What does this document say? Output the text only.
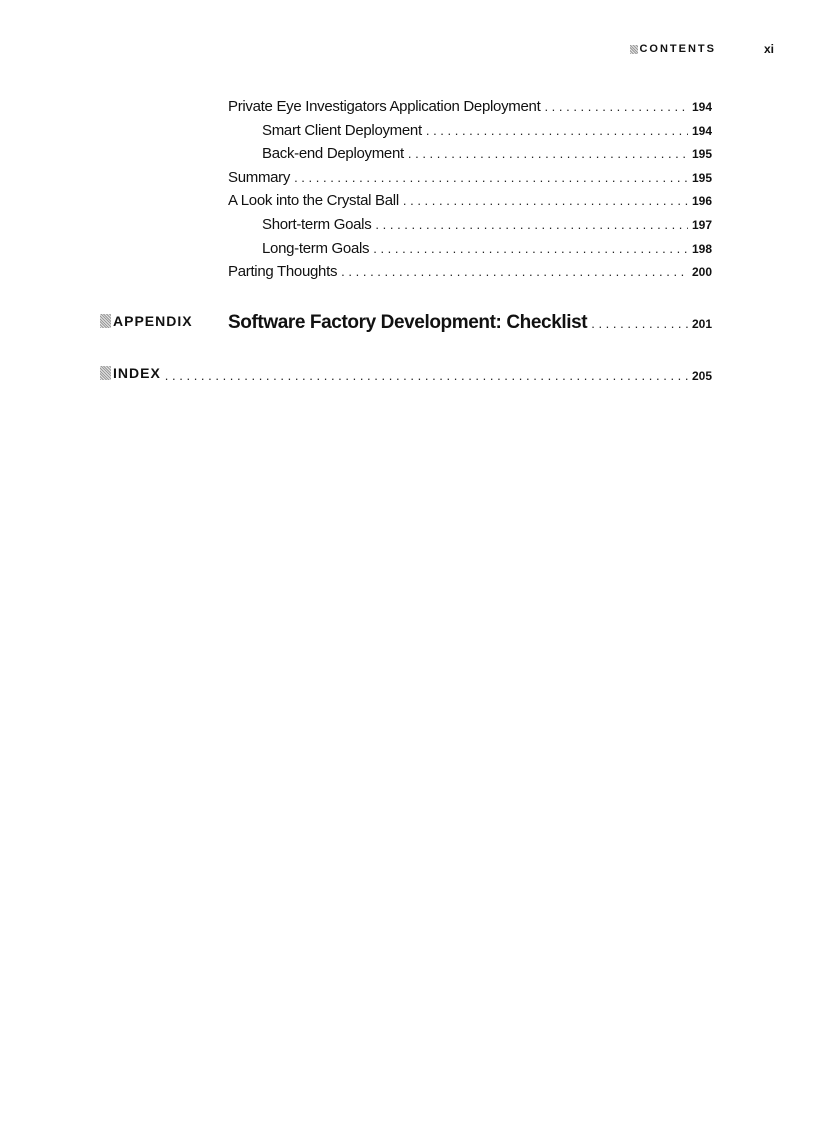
CONTENTS	xi
Private Eye Investigators Application Deployment . . .	194
Smart Client Deployment . . .	194
Back-end Deployment . . .	195
Summary . . .	195
A Look into the Crystal Ball . . .	196
Short-term Goals . . .	197
Long-term Goals . . .	198
Parting Thoughts . . .	200
APPENDIX Software Factory Development: Checklist . . .	201
INDEX . . .	205
